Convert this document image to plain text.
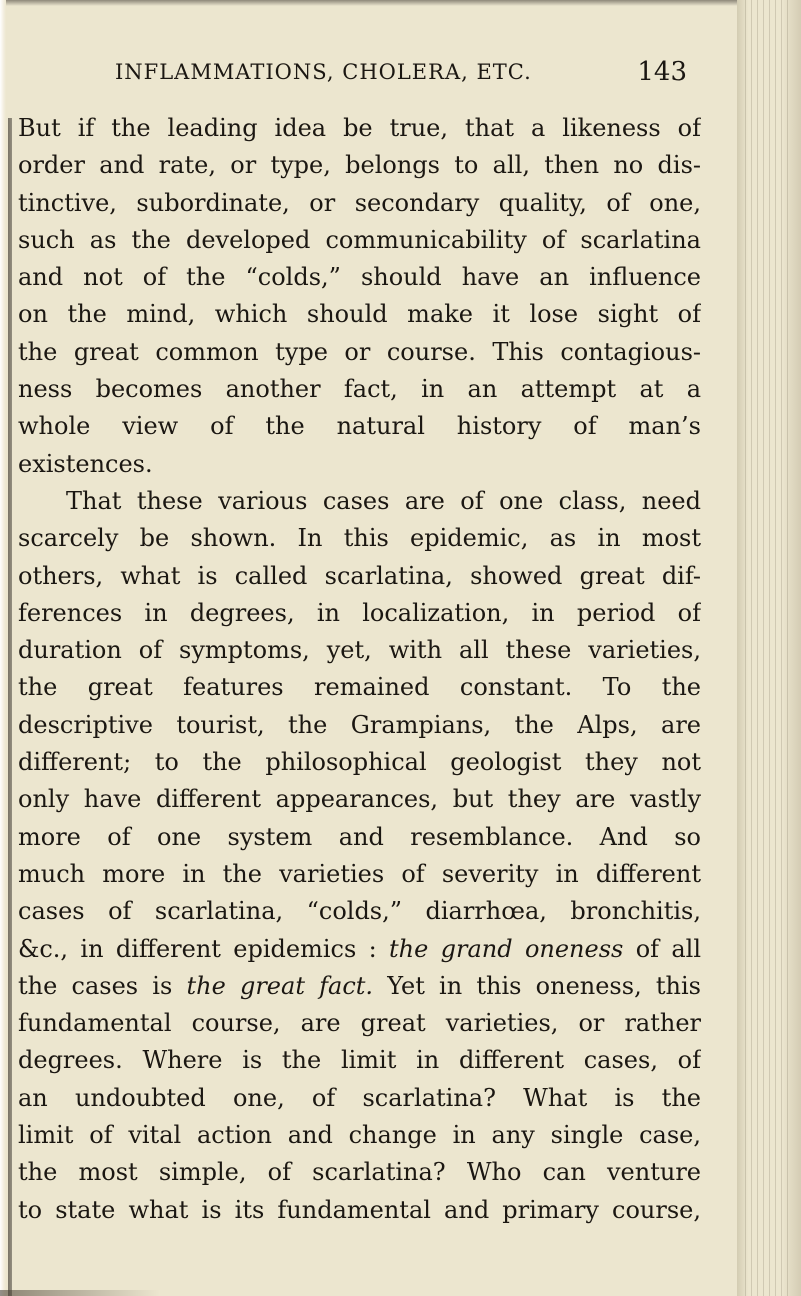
INFLAMMATIONS, CHOLERA, ETC.	143
But if the leading idea be true, that a likeness of
order and rate, or type, belongs to all, then no dis-
tinctive, subordinate, or secondary quality, of one,
such as the developed communicability of scarlatina
and not of the “colds,” should have an influence
on the mind, which should make it lose sight of
the great common type or course. This contagious-
ness becomes another fact, in an attempt at a
whole view of the natural history of man’s
existences.
That these various cases are of one class, need
scarcely be shown. In this epidemic, as in most
others, what is called scarlatina, showed great dif-
ferences in degrees, in localization, in period of
duration of symptoms, yet, with all these varieties,
the great features remained constant. To the
descriptive tourist, the Grampians, the Alps, are
different; to the philosophical geologist they not
only have different appearances, but they are vastly
more of one system and resemblance. And so
much more in the varieties of severity in different
cases of scarlatina, “colds,” diarrhœa, bronchitis,
&c., in different epidemics : the grand oneness of all
the cases is the great fact. Yet in this oneness, this
fundamental course, are great varieties, or rather
degrees. Where is the limit in different cases, of
an undoubted one, of scarlatina? What is the
limit of vital action and change in any single case,
the most simple, of scarlatina? Who can venture
to state what is its fundamental and primary course,
